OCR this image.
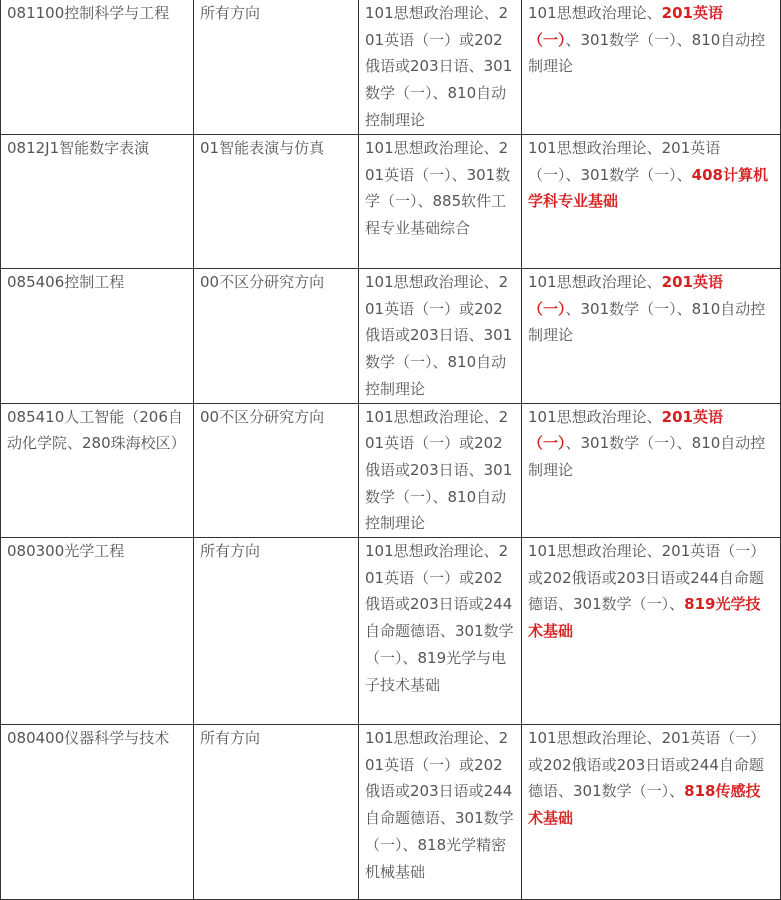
081100控制科学与工程	所有方向	101思想政治理论、201英语（一）或202俄语或203日语、301数学（一）、810自动控制理论	101思想政治理论、201英语（一）、301数学（一）、810自动控制理论
0812J1智能数字表演	01智能表演与仿真	101思想政治理论、201英语（一）、301数学（一）、885软件工程专业基础综合	101思想政治理论、201英语（一）、301数学（一）、408计算机学科专业基础
085406控制工程	00不区分研究方向	101思想政治理论、201英语（一）或202俄语或203日语、301数学（一）、810自动控制理论	101思想政治理论、201英语（一）、301数学（一）、810自动控制理论
085410人工智能（206自动化学院、280珠海校区）	00不区分研究方向	101思想政治理论、201英语（一）或202俄语或203日语、301数学（一）、810自动控制理论	101思想政治理论、201英语（一）、301数学（一）、810自动控制理论
080300光学工程	所有方向	101思想政治理论、201英语（一）或202俄语或203日语或244自命题德语、301数学（一）、819光学与电子技术基础	101思想政治理论、201英语（一）或202俄语或203日语或244自命题德语、301数学（一）、819光学技术基础
080400仪器科学与技术	所有方向	101思想政治理论、201英语（一）或202俄语或203日语或244自命题德语、301数学（一）、818光学精密机械基础	101思想政治理论、201英语（一）或202俄语或203日语或244自命题德语、301数学（一）、818传感技术基础
